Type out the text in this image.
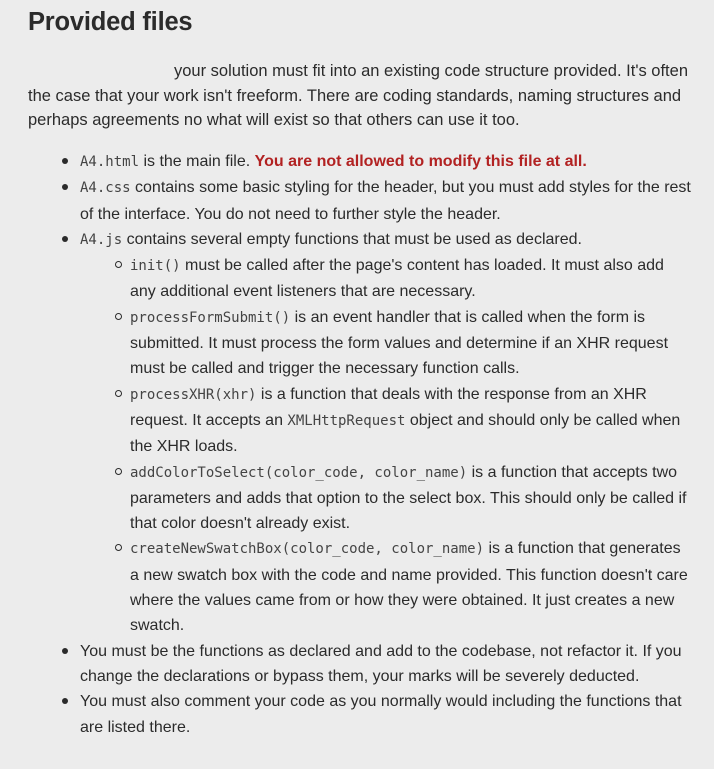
Provided files

your solution must fit into an existing code structure provided. It's often the case that your work isn't freeform. There are coding standards, naming structures and perhaps agreements no what will exist so that others can use it too.

A4.html is the main file. You are not allowed to modify this file at all.
A4.css contains some basic styling for the header, but you must add styles for the rest of the interface. You do not need to further style the header.
A4.js contains several empty functions that must be used as declared.
init() must be called after the page's content has loaded. It must also add any additional event listeners that are necessary.
processFormSubmit() is an event handler that is called when the form is submitted. It must process the form values and determine if an XHR request must be called and trigger the necessary function calls.
processXHR(xhr) is a function that deals with the response from an XHR request. It accepts an XMLHttpRequest object and should only be called when the XHR loads.
addColorToSelect(color_code, color_name) is a function that accepts two parameters and adds that option to the select box. This should only be called if that color doesn't already exist.
createNewSwatchBox(color_code, color_name) is a function that generates a new swatch box with the code and name provided. This function doesn't care where the values came from or how they were obtained. It just creates a new swatch.
You must be the functions as declared and add to the codebase, not refactor it. If you change the declarations or bypass them, your marks will be severely deducted.
You must also comment your code as you normally would including the functions that are listed there.
